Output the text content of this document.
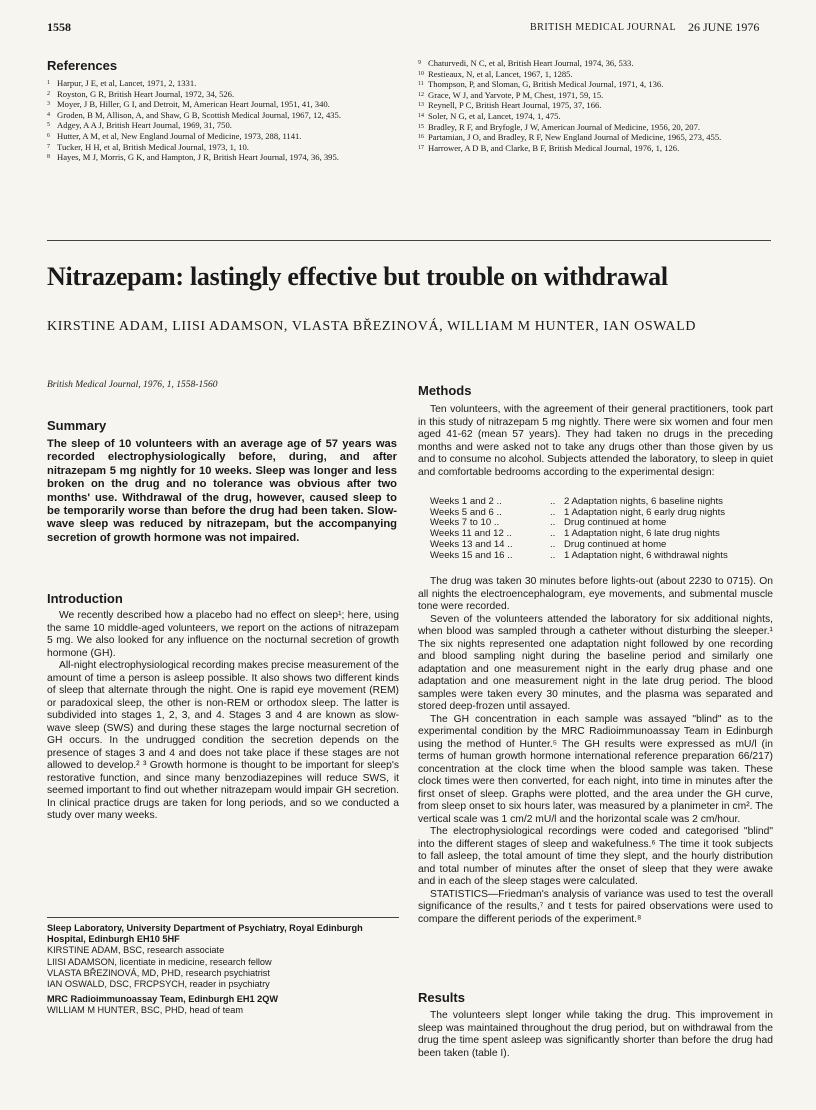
1558	BRITISH MEDICAL JOURNAL 26 JUNE 1976
References
1 Harpur, J E, et al, Lancet, 1971, 2, 1331.
2 Royston, G R, British Heart Journal, 1972, 34, 526.
3 Moyer, J B, Hiller, G I, and Detroit, M, American Heart Journal, 1951, 41, 340.
4 Groden, B M, Allison, A, and Shaw, G B, Scottish Medical Journal, 1967, 12, 435.
5 Adgey, A A J, British Heart Journal, 1969, 31, 750.
6 Hutter, A M, et al, New England Journal of Medicine, 1973, 288, 1141.
7 Tucker, H H, et al, British Medical Journal, 1973, 1, 10.
8 Hayes, M J, Morris, G K, and Hampton, J R, British Heart Journal, 1974, 36, 395.
9 Chaturvedi, N C, et al, British Heart Journal, 1974, 36, 533.
10 Restieaux, N, et al, Lancet, 1967, 1, 1285.
11 Thompson, P, and Sloman, G, British Medical Journal, 1971, 4, 136.
12 Grace, W J, and Yarvote, P M, Chest, 1971, 59, 15.
13 Reynell, P C, British Heart Journal, 1975, 37, 166.
14 Soler, N G, et al, Lancet, 1974, 1, 475.
15 Bradley, R F, and Bryfogle, J W, American Journal of Medicine, 1956, 20, 207.
16 Partamian, J O, and Bradley, R F, New England Journal of Medicine, 1965, 273, 455.
17 Harrower, A D B, and Clarke, B F, British Medical Journal, 1976, 1, 126.
Nitrazepam: lastingly effective but trouble on withdrawal
KIRSTINE ADAM, LIISI ADAMSON, VLASTA BŘEZINOVÁ, WILLIAM M HUNTER, IAN OSWALD
British Medical Journal, 1976, 1, 1558-1560
Summary
The sleep of 10 volunteers with an average age of 57 years was recorded electrophysiologically before, during, and after nitrazepam 5 mg nightly for 10 weeks. Sleep was longer and less broken on the drug and no tolerance was obvious after two months' use. Withdrawal of the drug, however, caused sleep to be temporarily worse than before the drug had been taken. Slow-wave sleep was reduced by nitrazepam, but the accompanying secretion of growth hormone was not impaired.
Introduction

We recently described how a placebo had no effect on sleep¹; here, using the same 10 middle-aged volunteers, we report on the actions of nitrazepam 5 mg. We also looked for any influence on the nocturnal secretion of growth hormone (GH).

All-night electrophysiological recording makes precise measurement of the amount of time a person is asleep possible. It also shows two different kinds of sleep that alternate through the night. One is rapid eye movement (REM) or paradoxical sleep, the other is non-REM or orthodox sleep. The latter is subdivided into stages 1, 2, 3, and 4. Stages 3 and 4 are known as slow-wave sleep (SWS) and during these stages the large nocturnal secretion of GH occurs. In the undrugged condition the secretion depends on the presence of stages 3 and 4 and does not take place if these stages are not allowed to develop.² ³ Growth hormone is thought to be important for sleep's restorative function, and since many benzodiazepines will reduce SWS, it seemed important to find out whether nitrazepam would impair GH secretion. In clinical practice drugs are taken for long periods, and so we conducted a study over many weeks.

Sleep Laboratory, University Department of Psychiatry, Royal Edinburgh Hospital, Edinburgh EH10 5HF
KIRSTINE ADAM, BSC, research associate
LIISI ADAMSON, licentiate in medicine, research fellow
VLASTA BŘEZINOVÁ, MD, PHD, research psychiatrist
IAN OSWALD, DSC, FRCPSYCH, reader in psychiatry
MRC Radioimmunoassay Team, Edinburgh EH1 2QW
WILLIAM M HUNTER, BSC, PHD, head of team
Methods

Ten volunteers, with the agreement of their general practitioners, took part in this study of nitrazepam 5 mg nightly. There were six women and four men aged 41-62 (mean 57 years). They had taken no drugs in the preceding months and were asked not to take any drugs other than those given by us and to consume no alcohol. Subjects attended the laboratory, to sleep in quiet and comfortable bedrooms according to the experimental design:

Weeks 1 and 2 ..	.. 2 Adaptation nights, 6 baseline nights
Weeks 5 and 6 ..	.. 1 Adaptation night, 6 early drug nights
Weeks 7 to 10 ..	.. Drug continued at home
Weeks 11 and 12 ..	.. 1 Adaptation night, 6 late drug nights
Weeks 13 and 14 ..	.. Drug continued at home
Weeks 15 and 16 ..	.. 1 Adaptation night, 6 withdrawal nights

The drug was taken 30 minutes before lights-out (about 2230 to 0715). On all nights the electroencephalogram, eye movements, and submental muscle tone were recorded.

Seven of the volunteers attended the laboratory for six additional nights, when blood was sampled through a catheter without disturbing the sleeper.¹ The six nights represented one adaptation night followed by one recording and blood sampling night during the baseline period and similarly one adaptation and one measurement night in the early drug phase and one adaptation and one measurement night in the late drug period. The blood samples were taken every 30 minutes, and the plasma was separated and stored deep-frozen until assayed.

The GH concentration in each sample was assayed "blind" as to the experimental condition by the MRC Radioimmunoassay Team in Edinburgh using the method of Hunter.⁵ The GH results were expressed as mU/l (in terms of human growth hormone international reference preparation 66/217) concentration at the clock time when the blood sample was taken. These clock times were then converted, for each night, into time in minutes after the first onset of sleep. Graphs were plotted, and the area under the GH curve, from sleep onset to six hours later, was measured by a planimeter in cm². The vertical scale was 1 cm/2 mU/l and the horizontal scale was 2 cm/hour.

The electrophysiological recordings were coded and categorised "blind" into the different stages of sleep and wakefulness.⁶ The time it took subjects to fall asleep, the total amount of time they slept, and the hourly distribution and total number of minutes after the onset of sleep that they were awake and in each of the sleep stages were calculated.

STATISTICS—Friedman's analysis of variance was used to test the overall significance of the results,⁷ and t tests for paired observations were used to compare the different periods of the experiment.⁸

Results

The volunteers slept longer while taking the drug. This improvement in sleep was maintained throughout the drug period, but on withdrawal from the drug the time spent asleep was significantly shorter than before the drug had been taken (table I).
